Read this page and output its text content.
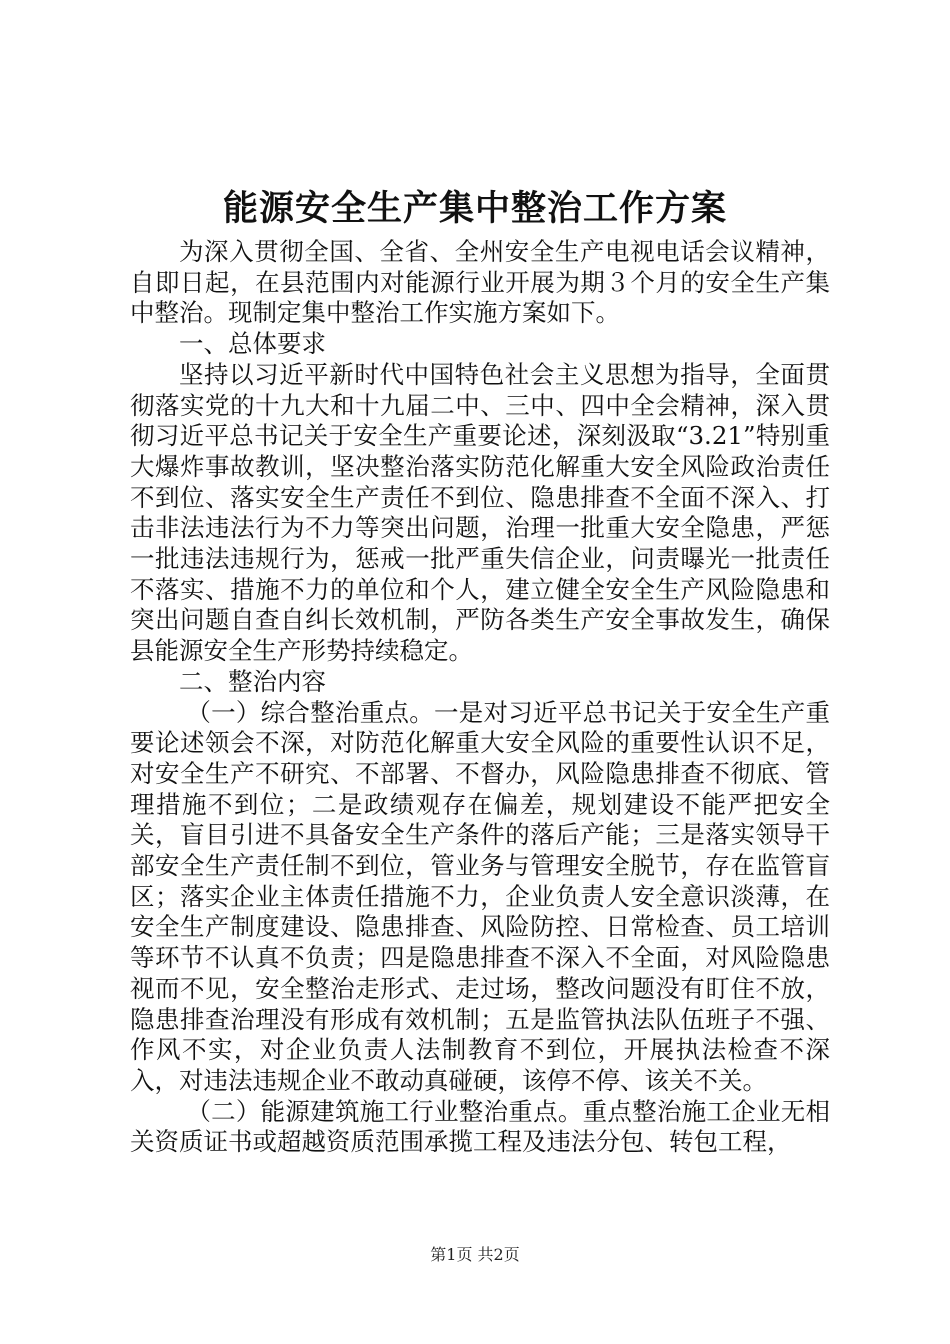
能源安全生产集中整治工作方案

为深入贯彻全国、全省、全州安全生产电视电话会议精神，自即日起，在县范围内对能源行业开展为期３个月的安全生产集中整治。现制定集中整治工作实施方案如下。

一、总体要求

坚持以习近平新时代中国特色社会主义思想为指导，全面贯彻落实党的十九大和十九届二中、三中、四中全会精神，深入贯彻习近平总书记关于安全生产重要论述，深刻汲取“3.21”特别重大爆炸事故教训，坚决整治落实防范化解重大安全风险政治责任不到位、落实安全生产责任不到位、隐患排查不全面不深入、打击非法违法行为不力等突出问题，治理一批重大安全隐患，严惩一批违法违规行为，惩戒一批严重失信企业，问责曝光一批责任不落实、措施不力的单位和个人，建立健全安全生产风险隐患和突出问题自查自纠长效机制，严防各类生产安全事故发生，确保县能源安全生产形势持续稳定。

二、整治内容

（一）综合整治重点。一是对习近平总书记关于安全生产重要论述领会不深，对防范化解重大安全风险的重要性认识不足，对安全生产不研究、不部署、不督办，风险隐患排查不彻底、管理措施不到位；二是政绩观存在偏差，规划建设不能严把安全关，盲目引进不具备安全生产条件的落后产能；三是落实领导干部安全生产责任制不到位，管业务与管理安全脱节，存在监管盲区；落实企业主体责任措施不力，企业负责人安全意识淡薄，在安全生产制度建设、隐患排查、风险防控、日常检查、员工培训等环节不认真不负责；四是隐患排查不深入不全面，对风险隐患视而不见，安全整治走形式、走过场，整改问题没有盯住不放，隐患排查治理没有形成有效机制；五是监管执法队伍班子不强、作风不实，对企业负责人法制教育不到位，开展执法检查不深入，对违法违规企业不敢动真碰硬，该停不停、该关不关。

（二）能源建筑施工行业整治重点。重点整治施工企业无相关资质证书或超越资质范围承揽工程及违法分包、转包工程，

第1页 共2页
